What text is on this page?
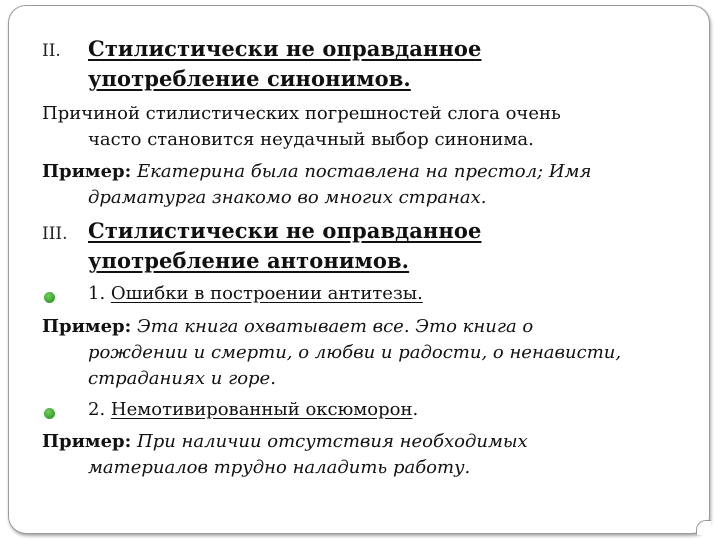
II. Стилистически не оправданное
употребление синонимов.
Причиной стилистических погрешностей слога очень
часто становится неудачный выбор синонима.
Пример: Екатерина была поставлена на престол; Имя
драматурга знакомо во многих странах.
III. Стилистически не оправданное
употребление антонимов.
1. Ошибки в построении антитезы.
Пример: Эта книга охватывает все. Это книга о
рождении и смерти, о любви и радости, о ненависти,
страданиях и горе.
2. Немотивированный оксюморон.
Пример: При наличии отсутствия необходимых
материалов трудно наладить работу.
